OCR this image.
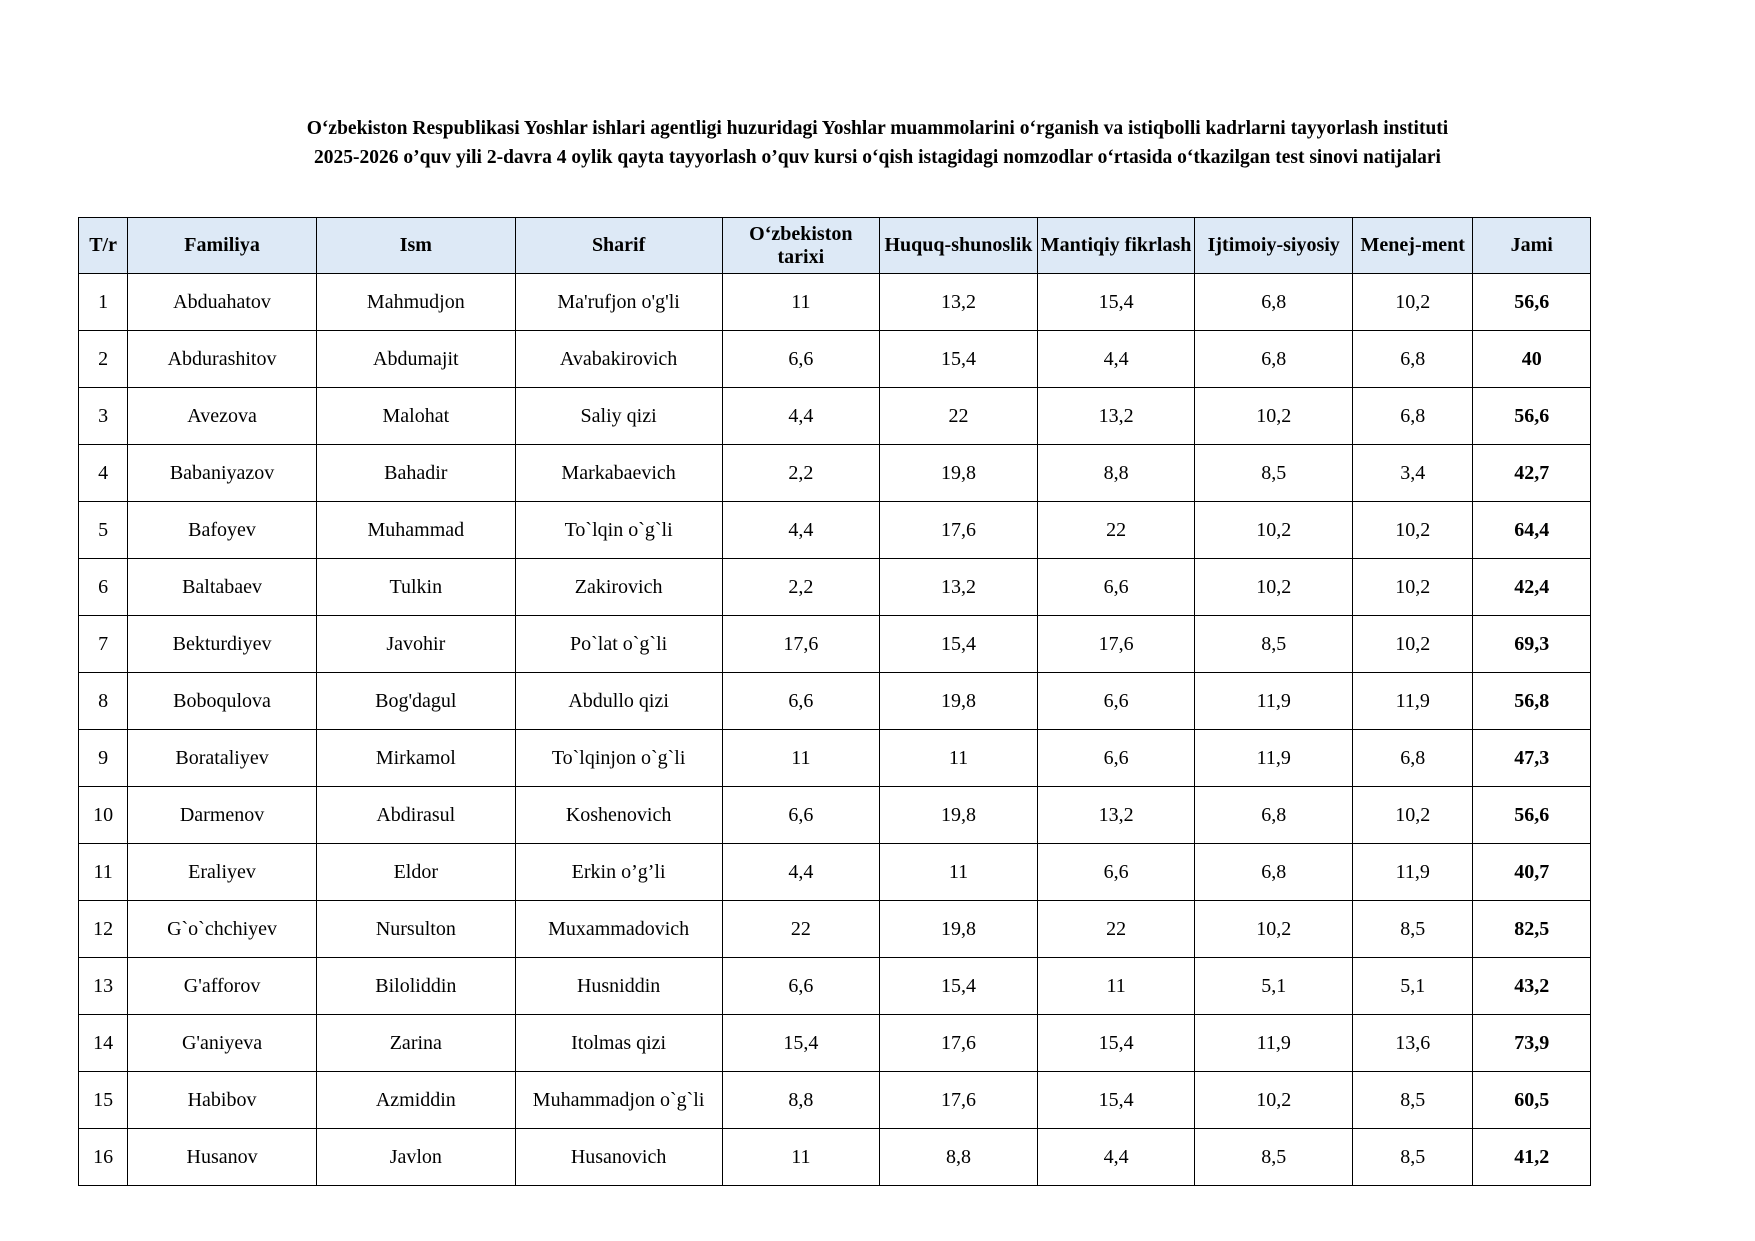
O‘zbekiston Respublikasi Yoshlar ishlari agentligi huzuridagi Yoshlar muammolarini o‘rganish va istiqbolli kadrlarni tayyorlash instituti
2025-2026 o’quv yili 2-davra 4 oylik qayta tayyorlash o’quv kursi o‘qish istagidagi nomzodlar o‘rtasida o‘tkazilgan test sinovi natijalari
T/r	Familiya	Ism	Sharif	O‘zbekiston tarixi	Huquq-shunoslik	Mantiqiy fikrlash	Ijtimoiy-siyosiy	Menej-ment	Jami
1	Abduahatov	Mahmudjon	Ma'rufjon o'g'li	11	13,2	15,4	6,8	10,2	56,6
2	Abdurashitov	Abdumajit	Avabakirovich	6,6	15,4	4,4	6,8	6,8	40
3	Avezova	Malohat	Saliy qizi	4,4	22	13,2	10,2	6,8	56,6
4	Babaniyazov	Bahadir	Markabaevich	2,2	19,8	8,8	8,5	3,4	42,7
5	Bafoyev	Muhammad	To`lqin o`g`li	4,4	17,6	22	10,2	10,2	64,4
6	Baltabaev	Tulkin	Zakirovich	2,2	13,2	6,6	10,2	10,2	42,4
7	Bekturdiyev	Javohir	Po`lat o`g`li	17,6	15,4	17,6	8,5	10,2	69,3
8	Boboqulova	Bog'dagul	Abdullo qizi	6,6	19,8	6,6	11,9	11,9	56,8
9	Borataliyev	Mirkamol	To`lqinjon o`g`li	11	11	6,6	11,9	6,8	47,3
10	Darmenov	Abdirasul	Koshenovich	6,6	19,8	13,2	6,8	10,2	56,6
11	Eraliyev	Eldor	Erkin o’g’li	4,4	11	6,6	6,8	11,9	40,7
12	G`o`chchiyev	Nursulton	Muxammadovich	22	19,8	22	10,2	8,5	82,5
13	G'afforov	Biloliddin	Husniddin	6,6	15,4	11	5,1	5,1	43,2
14	G'aniyeva	Zarina	Itolmas qizi	15,4	17,6	15,4	11,9	13,6	73,9
15	Habibov	Azmiddin	Muhammadjon o`g`li	8,8	17,6	15,4	10,2	8,5	60,5
16	Husanov	Javlon	Husanovich	11	8,8	4,4	8,5	8,5	41,2
